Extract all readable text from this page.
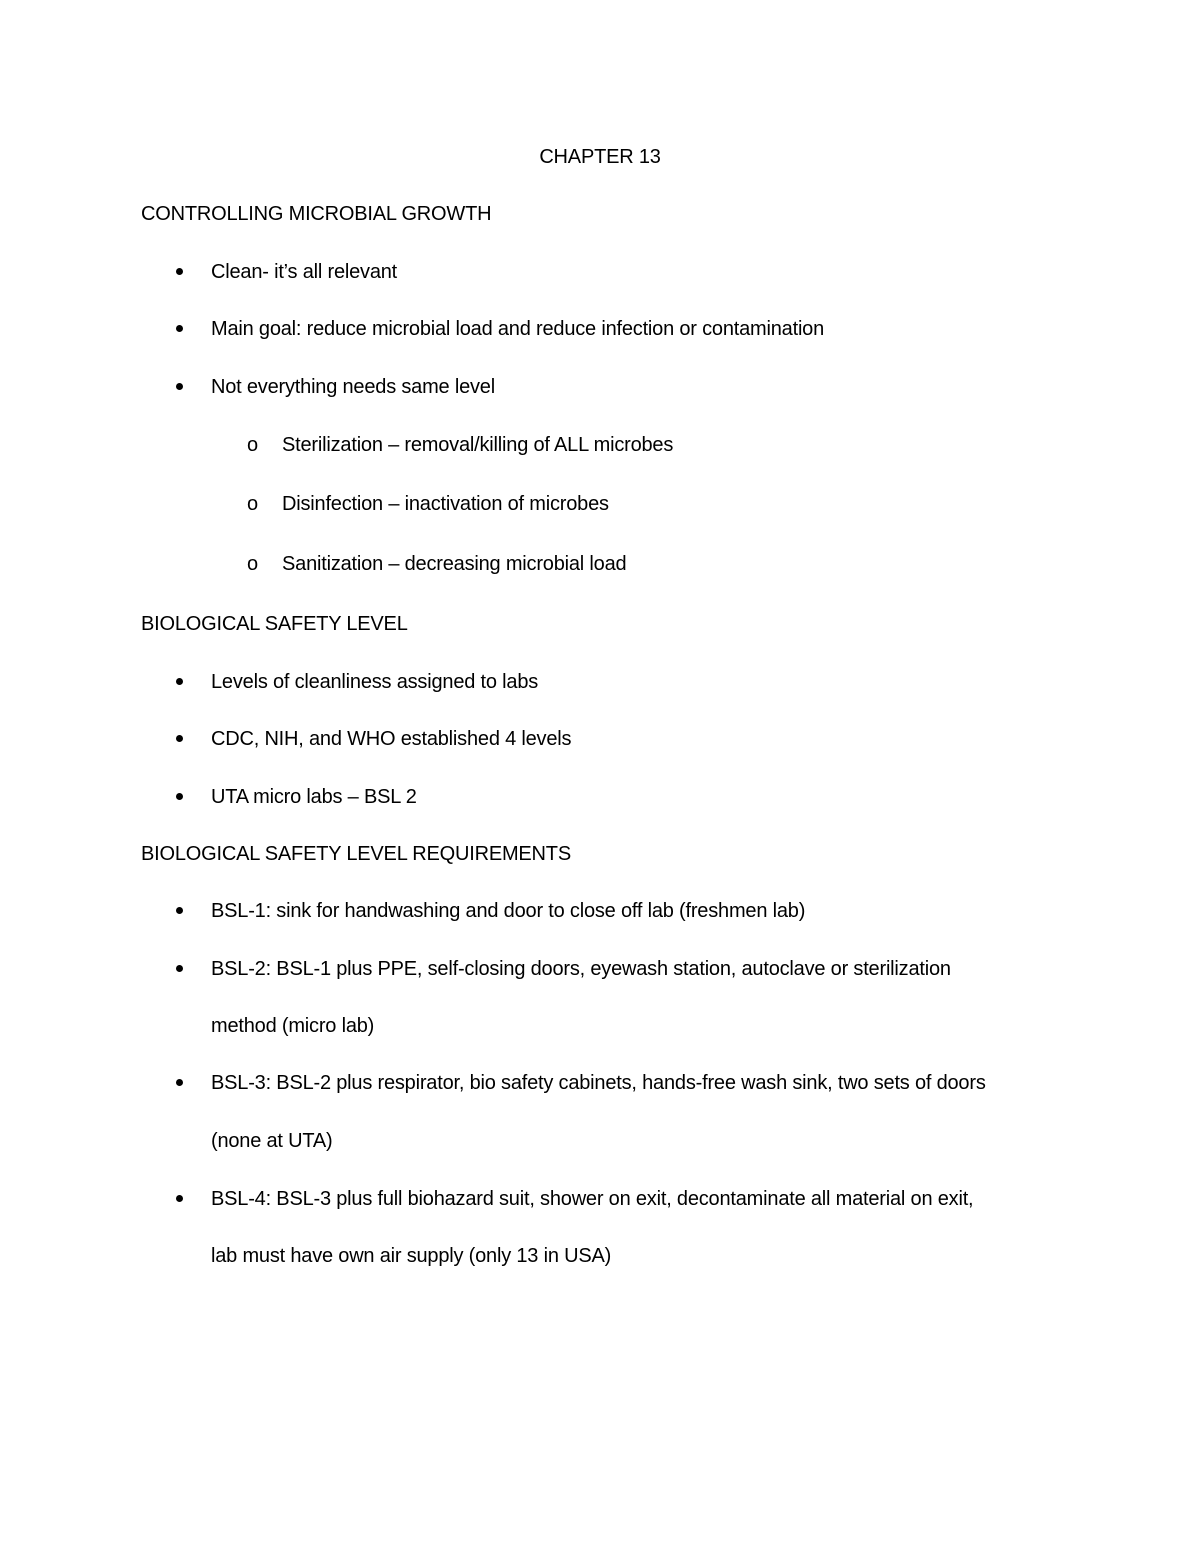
CHAPTER 13
CONTROLLING MICROBIAL GROWTH
Clean- it’s all relevant
Main goal: reduce microbial load and reduce infection or contamination
Not everything needs same level
o Sterilization – removal/killing of ALL microbes
o Disinfection – inactivation of microbes
o Sanitization – decreasing microbial load
BIOLOGICAL SAFETY LEVEL
Levels of cleanliness assigned to labs
CDC, NIH, and WHO established 4 levels
UTA micro labs – BSL 2
BIOLOGICAL SAFETY LEVEL REQUIREMENTS
BSL-1: sink for handwashing and door to close off lab (freshmen lab)
BSL-2: BSL-1 plus PPE, self-closing doors, eyewash station, autoclave or sterilization
method (micro lab)
BSL-3: BSL-2 plus respirator, bio safety cabinets, hands-free wash sink, two sets of doors
(none at UTA)
BSL-4: BSL-3 plus full biohazard suit, shower on exit, decontaminate all material on exit,
lab must have own air supply (only 13 in USA)
